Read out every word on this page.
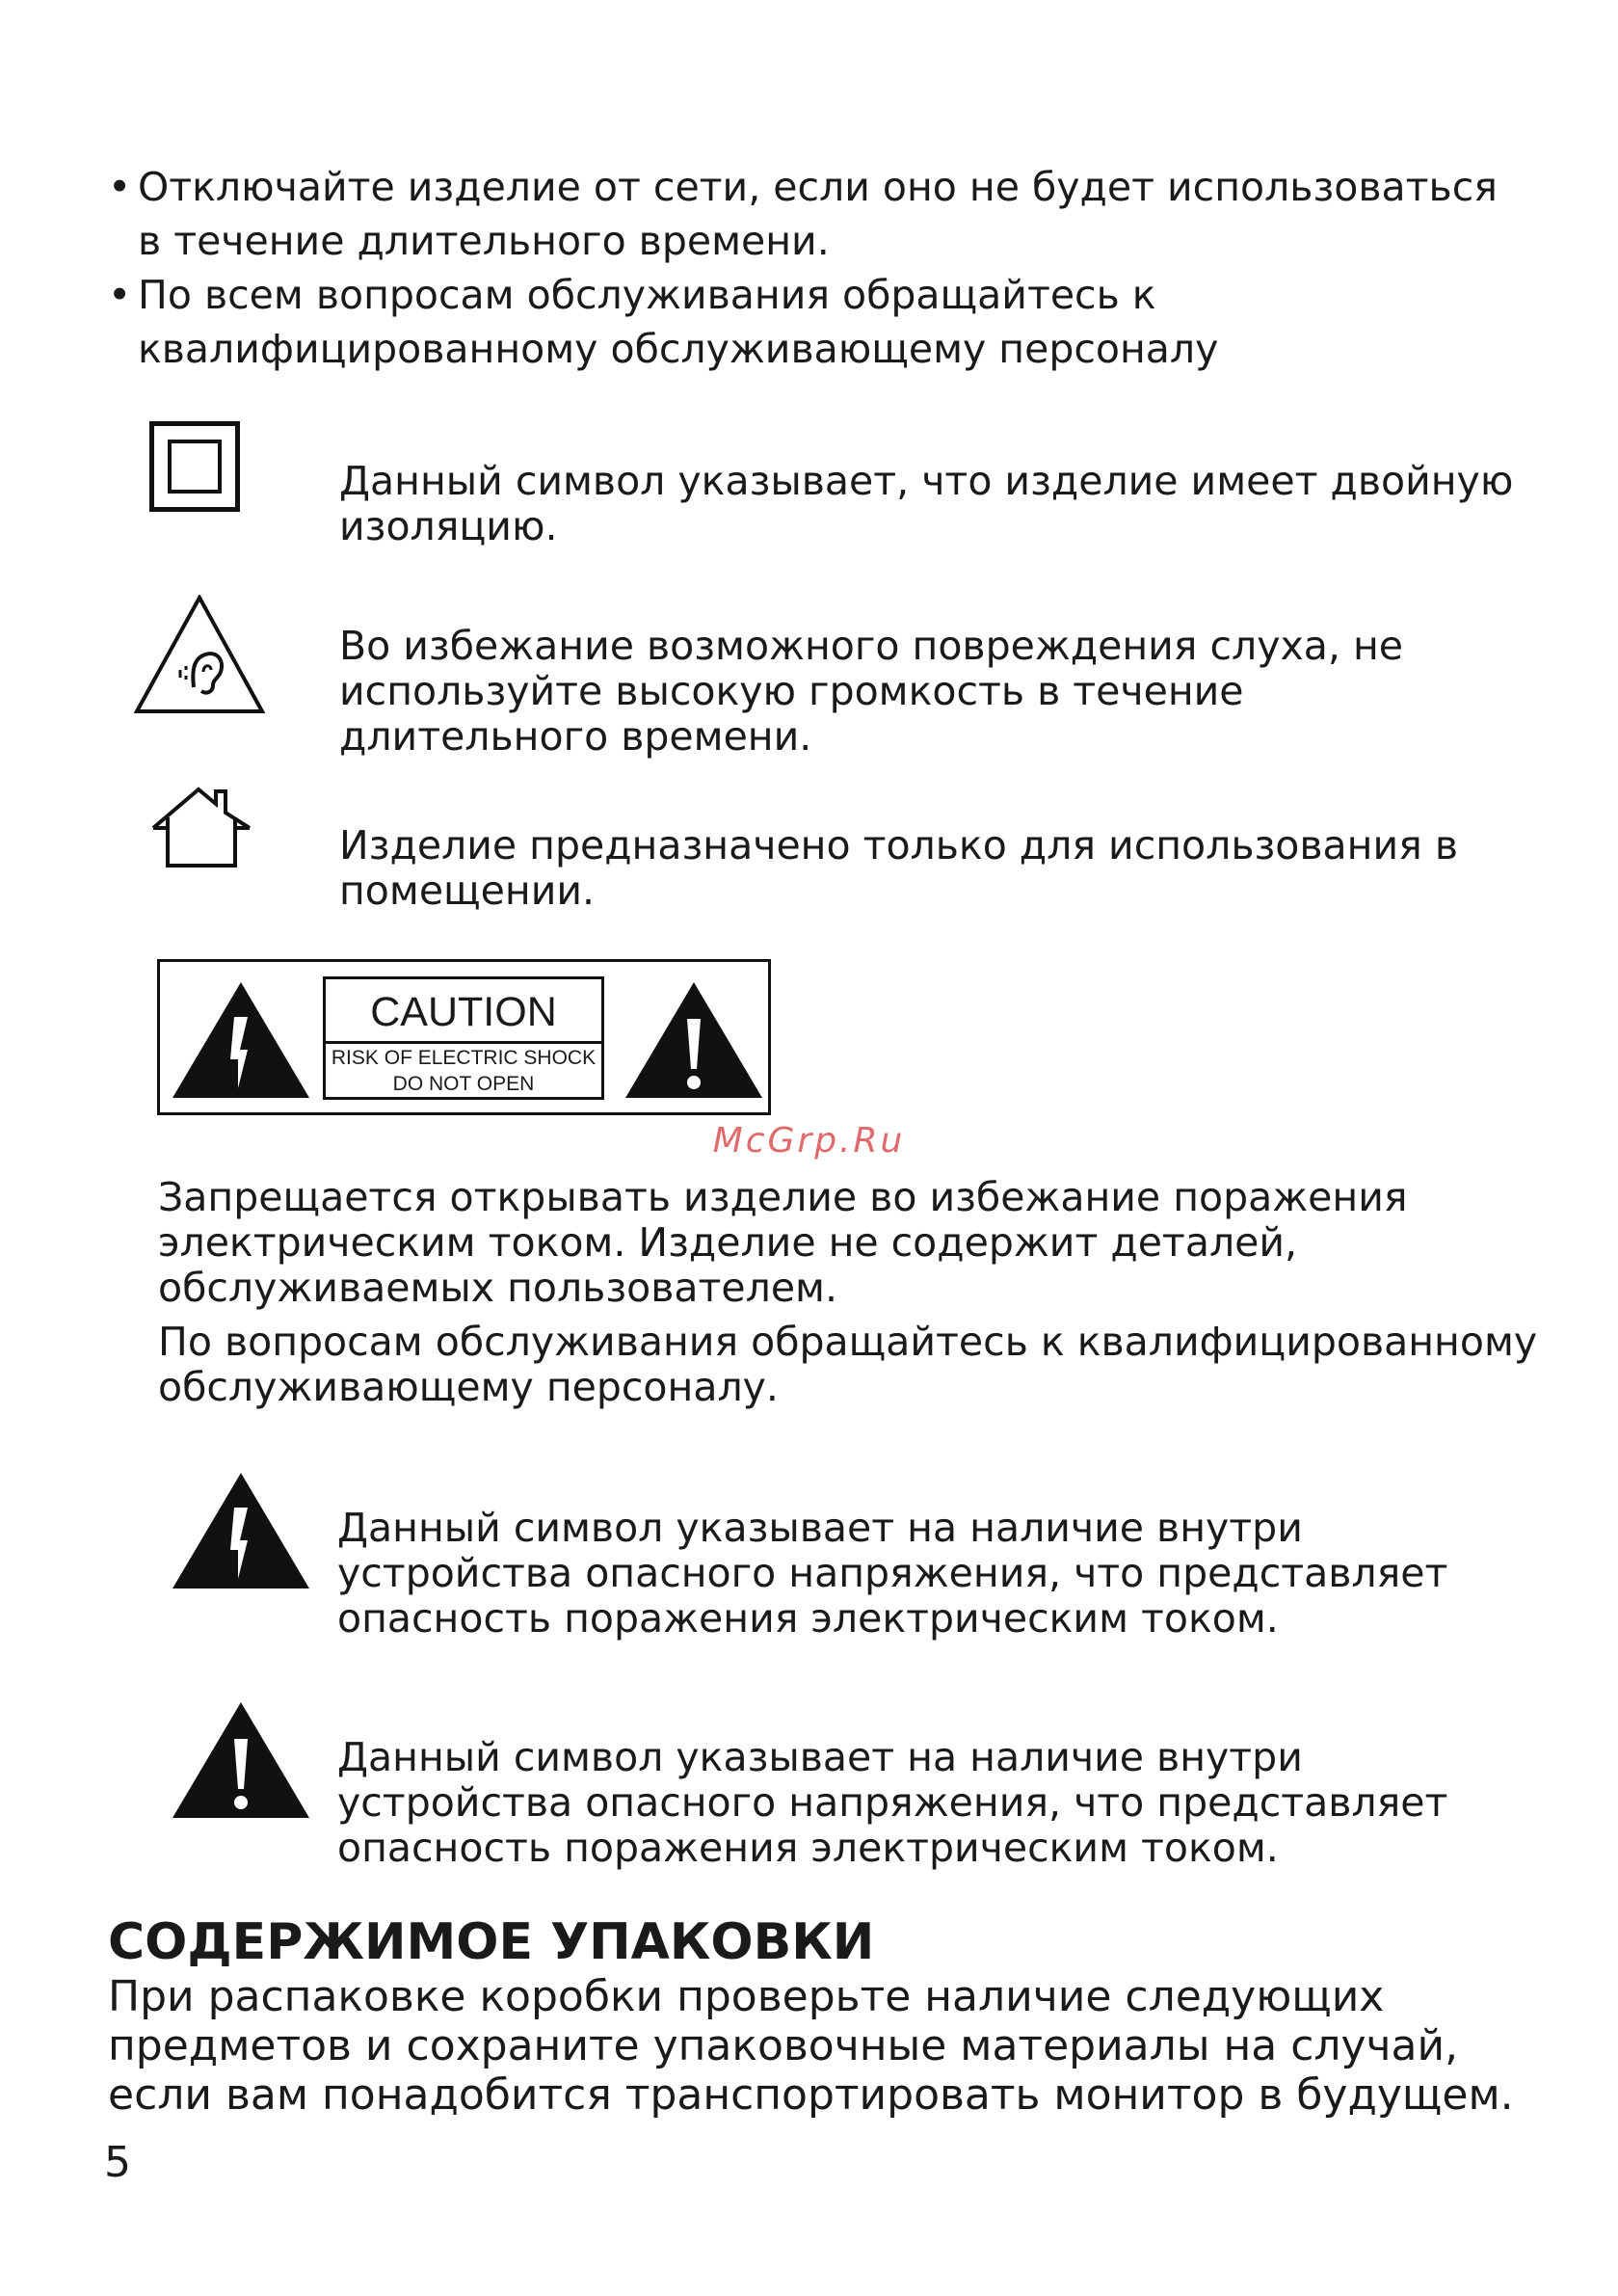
• Отключайте изделие от сети, если оно не будет использоваться в течение длительного времени.

• По всем вопросам обслуживания обращайтесь к квалифицированному обслуживающему персоналу

Данный символ указывает, что изделие имеет двойную изоляцию.

Во избежание возможного повреждения слуха, не используйте высокую громкость в течение длительного времени.

Изделие предназначено только для использования в помещении.

CAUTION
RISK OF ELECTRIC SHOCK
DO NOT OPEN
McGrp.Ru

Запрещается открывать изделие во избежание поражения электрическим током. Изделие не содержит деталей, обслуживаемых пользователем.

По вопросам обслуживания обращайтесь к квалифицированному обслуживающему персоналу.

Данный символ указывает на наличие внутри устройства опасного напряжения, что представляет опасность поражения электрическим током.

Данный символ указывает на наличие внутри устройства опасного напряжения, что представляет опасность поражения электрическим током.

СОДЕРЖИМОЕ УПАКОВКИ

При распаковке коробки проверьте наличие следующих предметов и сохраните упаковочные материалы на случай, если вам понадобится транспортировать монитор в будущем.

5
